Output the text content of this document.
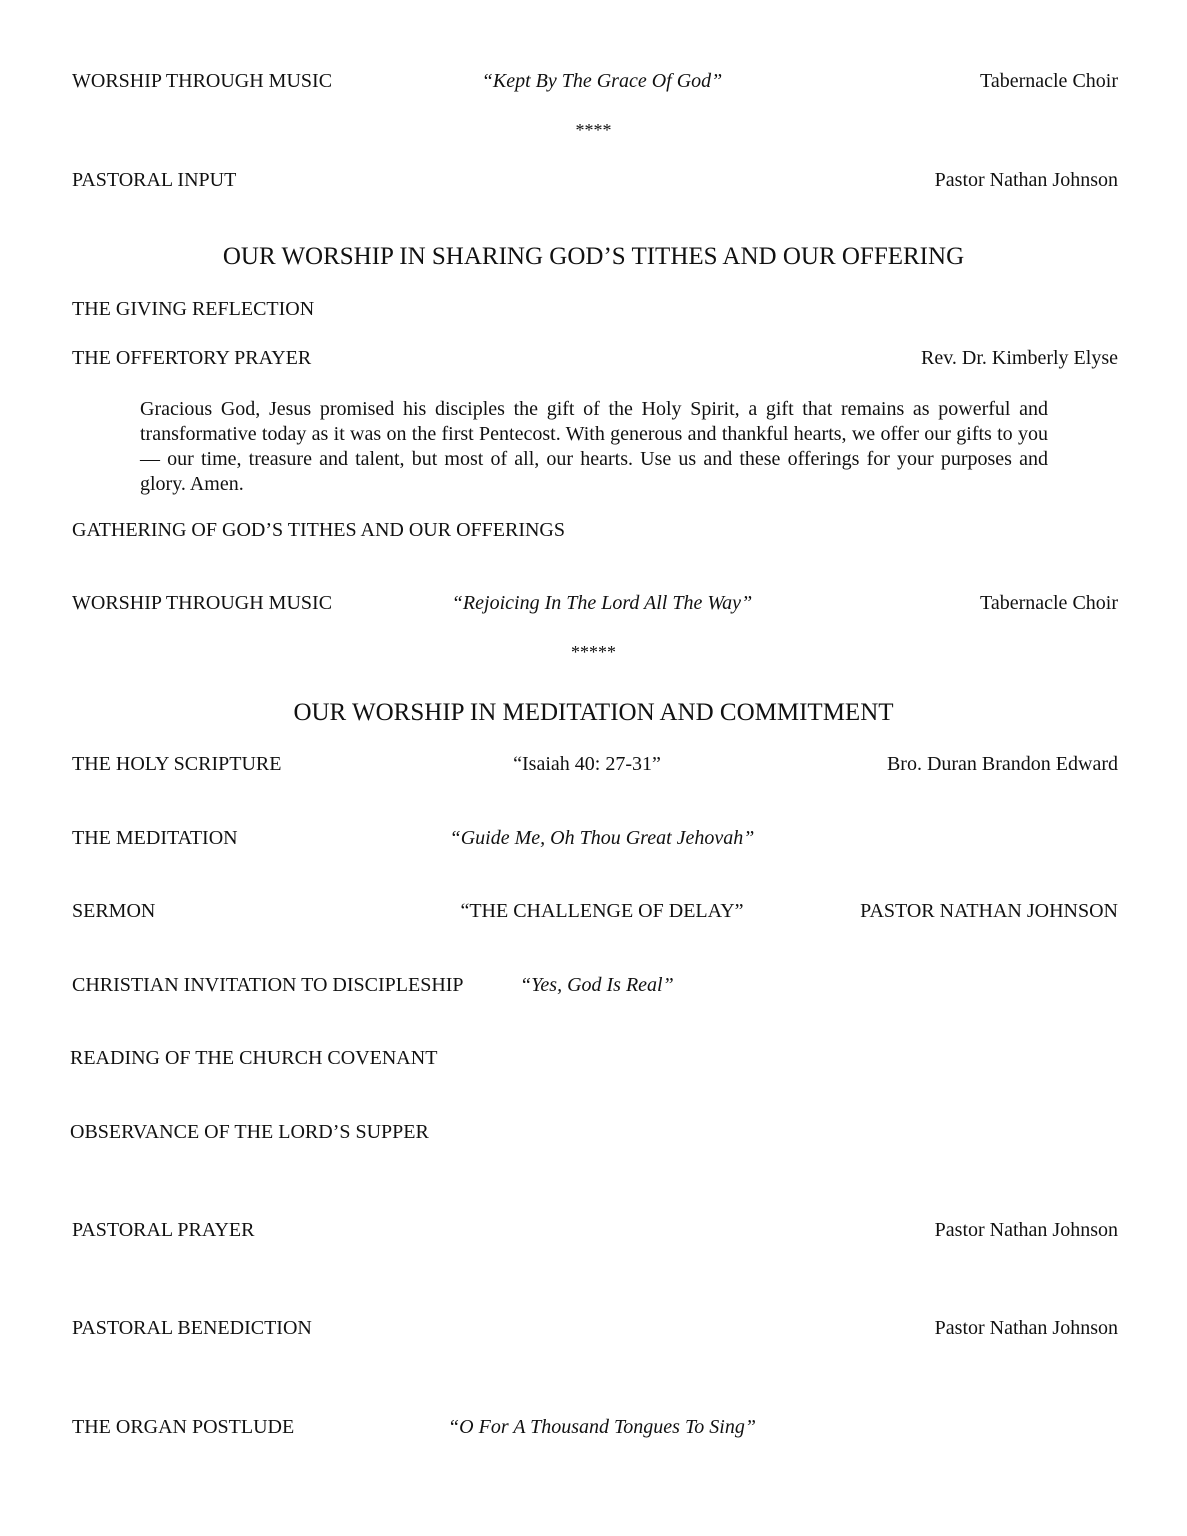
WORSHIP THROUGH MUSIC	“Kept By The Grace Of God”	Tabernacle Choir
****
PASTORAL INPUT	Pastor Nathan Johnson
OUR WORSHIP IN SHARING GOD’S TITHES AND OUR OFFERING
THE GIVING REFLECTION
THE OFFERTORY PRAYER	Rev. Dr. Kimberly Elyse
Gracious God, Jesus promised his disciples the gift of the Holy Spirit, a gift that remains as powerful and transformative today as it was on the first Pentecost. With generous and thankful hearts, we offer our gifts to you — our time, treasure and talent, but most of all, our hearts. Use us and these offerings for your purposes and glory. Amen.
GATHERING OF GOD’S TITHES AND OUR OFFERINGS
WORSHIP THROUGH MUSIC	“Rejoicing In The Lord All The Way”	Tabernacle Choir
*****
OUR WORSHIP IN MEDITATION AND COMMITMENT
THE HOLY SCRIPTURE	“Isaiah 40: 27-31”	Bro. Duran Brandon Edward
THE MEDITATION	“Guide Me, Oh Thou Great Jehovah”
SERMON	“THE CHALLENGE OF DELAY”	PASTOR NATHAN JOHNSON
CHRISTIAN INVITATION TO DISCIPLESHIP	“Yes, God Is Real”
READING OF THE CHURCH COVENANT
OBSERVANCE OF THE LORD’S SUPPER
PASTORAL PRAYER	Pastor Nathan Johnson
PASTORAL BENEDICTION	Pastor Nathan Johnson
THE ORGAN POSTLUDE	“O For A Thousand Tongues To Sing”
